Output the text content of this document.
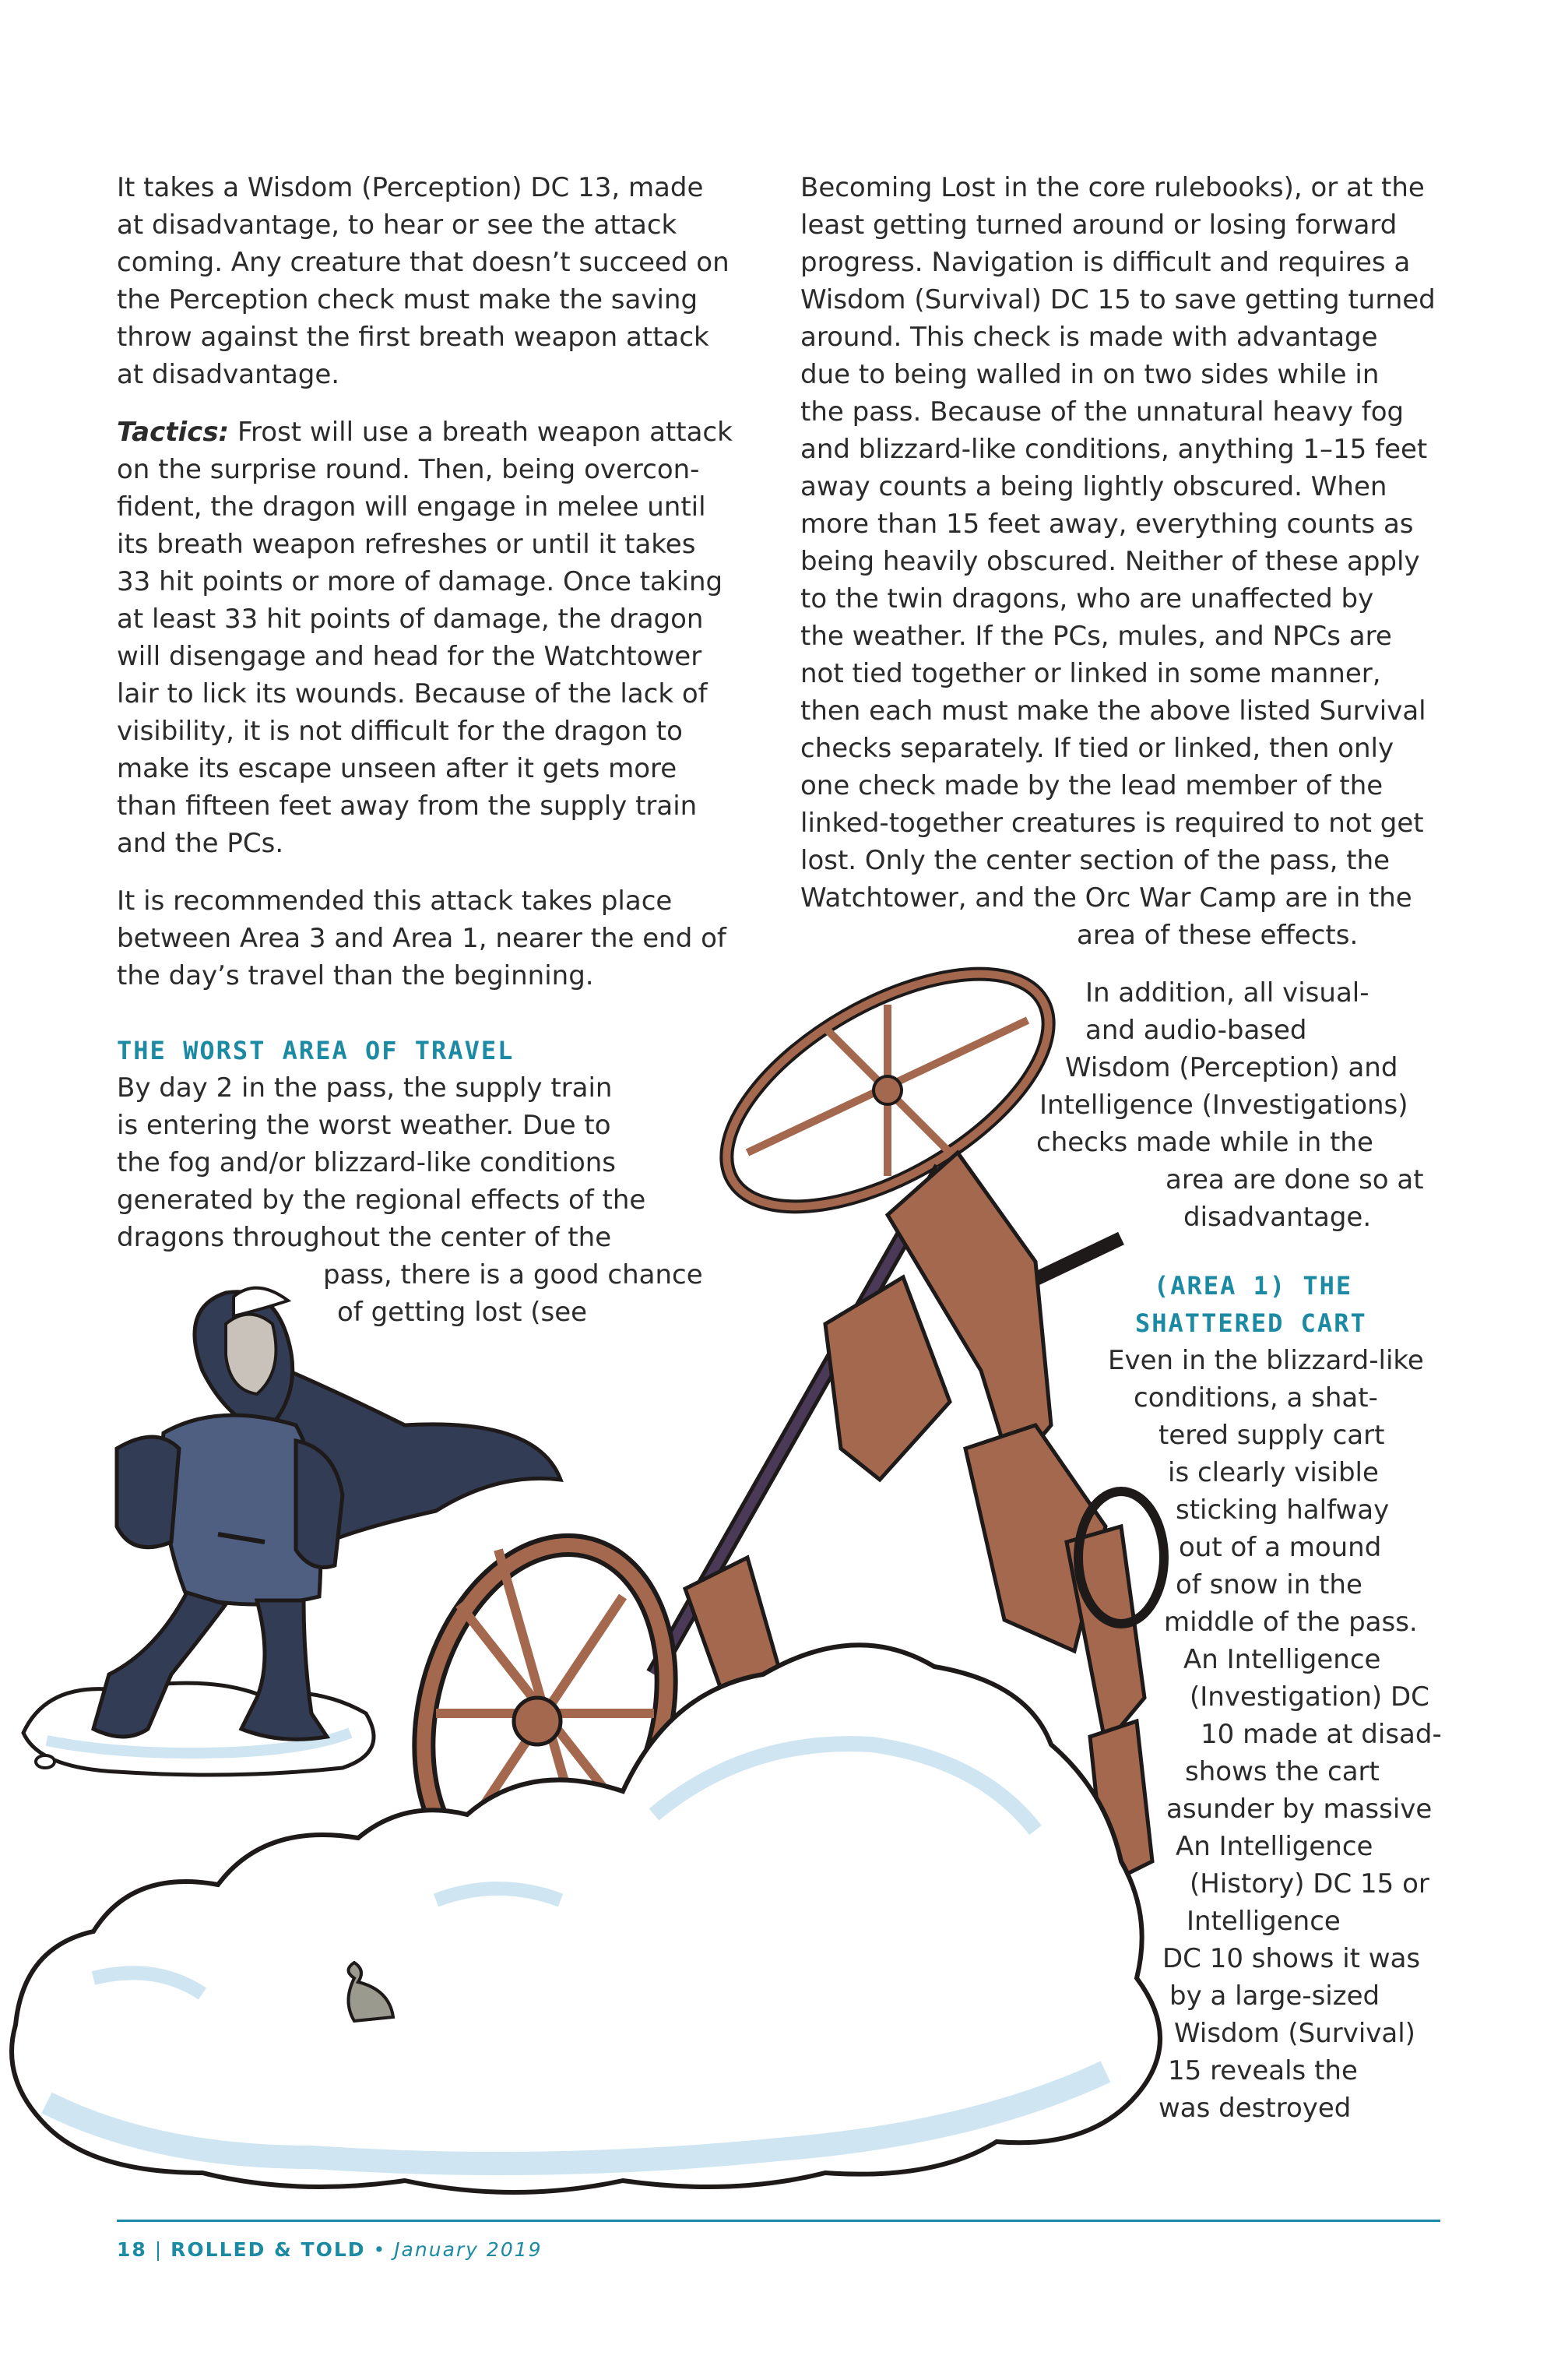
It takes a Wisdom (Perception) DC 13, made
at disadvantage, to hear or see the attack
coming. Any creature that doesn’t succeed on
the Perception check must make the saving
throw against the first breath weapon attack
at disadvantage.

Tactics: Frost will use a breath weapon attack
on the surprise round. Then, being overcon-
fident, the dragon will engage in melee until
its breath weapon refreshes or until it takes
33 hit points or more of damage. Once taking
at least 33 hit points of damage, the dragon
will disengage and head for the Watchtower
lair to lick its wounds. Because of the lack of
visibility, it is not difficult for the dragon to
make its escape unseen after it gets more
than fifteen feet away from the supply train
and the PCs.

It is recommended this attack takes place
between Area 3 and Area 1, nearer the end of
the day’s travel than the beginning.

THE WORST AREA OF TRAVEL

By day 2 in the pass, the supply train
is entering the worst weather. Due to
the fog and/or blizzard-like conditions
generated by the regional effects of the
dragons throughout the center of the
pass, there is a good chance
of getting lost (see

Becoming Lost in the core rulebooks), or at the
least getting turned around or losing forward
progress. Navigation is difficult and requires a
Wisdom (Survival) DC 15 to save getting turned
around. This check is made with advantage
due to being walled in on two sides while in
the pass. Because of the unnatural heavy fog
and blizzard-like conditions, anything 1–15 feet
away counts a being lightly obscured. When
more than 15 feet away, everything counts as
being heavily obscured. Neither of these apply
to the twin dragons, who are unaffected by
the weather. If the PCs, mules, and NPCs are
not tied together or linked in some manner,
then each must make the above listed Survival
checks separately. If tied or linked, then only
one check made by the lead member of the
linked-together creatures is required to not get
lost. Only the center section of the pass, the
Watchtower, and the Orc War Camp are in the
area of these effects.

In addition, all visual-
and audio-based
Wisdom (Perception) and
Intelligence (Investigations)
checks made while in the
area are done so at
disadvantage.

(AREA 1) THE
SHATTERED CART

Even in the blizzard-like
conditions, a shat-
tered supply cart
is clearly visible
sticking halfway
out of a mound
of snow in the
middle of the pass.
An Intelligence
(Investigation) DC
10 made at disad-
shows the cart
asunder by massive
An Intelligence
(History) DC 15 or
Intelligence
DC 10 shows it was
by a large-sized
Wisdom (Survival)
15 reveals the
was destroyed

18 | ROLLED & TOLD • January 2019
